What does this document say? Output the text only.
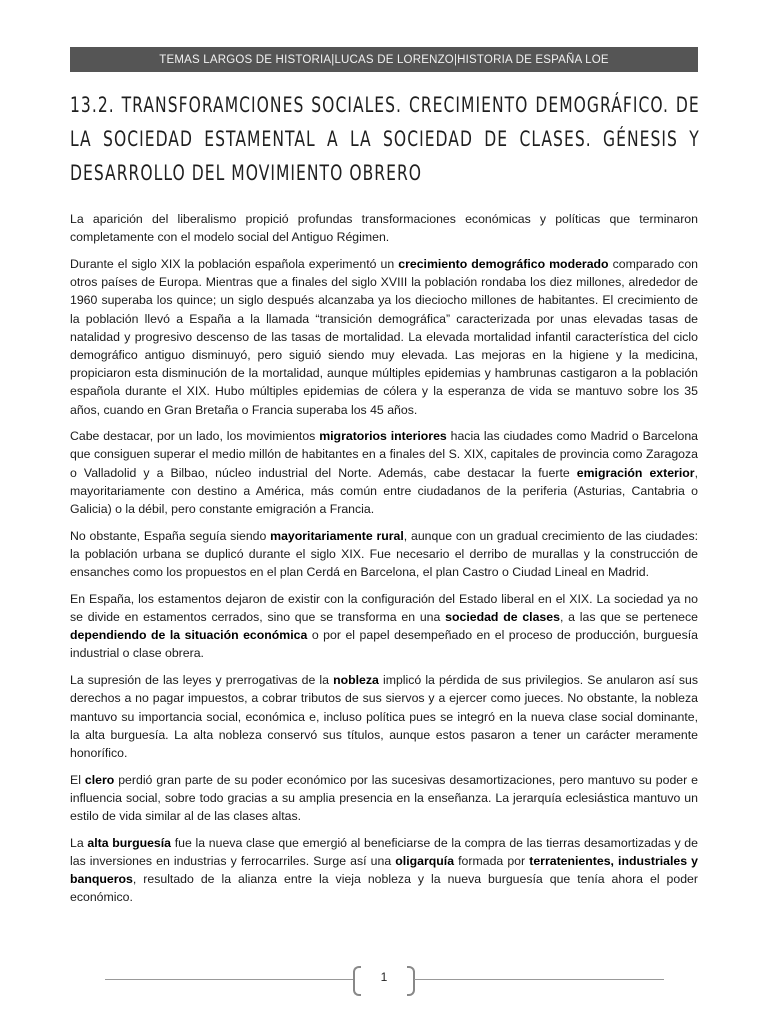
TEMAS LARGOS DE HISTORIA|LUCAS DE LORENZO|HISTORIA DE ESPAÑA LOE
13.2. TRANSFORAMCIONES SOCIALES. CRECIMIENTO DEMOGRÁFICO. DE LA SOCIEDAD ESTAMENTAL A LA SOCIEDAD DE CLASES. GÉNESIS Y DESARROLLO DEL MOVIMIENTO OBRERO

La aparición del liberalismo propició profundas transformaciones económicas y políticas que terminaron completamente con el modelo social del Antiguo Régimen.

Durante el siglo XIX la población española experimentó un crecimiento demográfico moderado comparado con otros países de Europa. Mientras que a finales del siglo XVIII la población rondaba los diez millones, alrededor de 1960 superaba los quince; un siglo después alcanzaba ya los dieciocho millones de habitantes. El crecimiento de la población llevó a España a la llamada “transición demográfica” caracterizada por unas elevadas tasas de natalidad y progresivo descenso de las tasas de mortalidad. La elevada mortalidad infantil característica del ciclo demográfico antiguo disminuyó, pero siguió siendo muy elevada. Las mejoras en la higiene y la medicina, propiciaron esta disminución de la mortalidad, aunque múltiples epidemias y hambrunas castigaron a la población española durante el XIX. Hubo múltiples epidemias de cólera y la esperanza de vida se mantuvo sobre los 35 años, cuando en Gran Bretaña o Francia superaba los 45 años.

Cabe destacar, por un lado, los movimientos migratorios interiores hacia las ciudades como Madrid o Barcelona que consiguen superar el medio millón de habitantes en a finales del S. XIX, capitales de provincia como Zaragoza o Valladolid y a Bilbao, núcleo industrial del Norte. Además, cabe destacar la fuerte emigración exterior, mayoritariamente con destino a América, más común entre ciudadanos de la periferia (Asturias, Cantabria o Galicia) o la débil, pero constante emigración a Francia.

No obstante, España seguía siendo mayoritariamente rural, aunque con un gradual crecimiento de las ciudades: la población urbana se duplicó durante el siglo XIX. Fue necesario el derribo de murallas y la construcción de ensanches como los propuestos en el plan Cerdá en Barcelona, el plan Castro o Ciudad Lineal en Madrid.

En España, los estamentos dejaron de existir con la configuración del Estado liberal en el XIX. La sociedad ya no se divide en estamentos cerrados, sino que se transforma en una sociedad de clases, a las que se pertenece dependiendo de la situación económica o por el papel desempeñado en el proceso de producción, burguesía industrial o clase obrera.

La supresión de las leyes y prerrogativas de la nobleza implicó la pérdida de sus privilegios. Se anularon así sus derechos a no pagar impuestos, a cobrar tributos de sus siervos y a ejercer como jueces. No obstante, la nobleza mantuvo su importancia social, económica e, incluso política pues se integró en la nueva clase social dominante, la alta burguesía. La alta nobleza conservó sus títulos, aunque estos pasaron a tener un carácter meramente honorífico.

El clero perdió gran parte de su poder económico por las sucesivas desamortizaciones, pero mantuvo su poder e influencia social, sobre todo gracias a su amplia presencia en la enseñanza. La jerarquía eclesiástica mantuvo un estilo de vida similar al de las clases altas.

La alta burguesía fue la nueva clase que emergió al beneficiarse de la compra de las tierras desamortizadas y de las inversiones en industrias y ferrocarriles. Surge así una oligarquía formada por terratenientes, industriales y banqueros, resultado de la alianza entre la vieja nobleza y la nueva burguesía que tenía ahora el poder económico.

1
